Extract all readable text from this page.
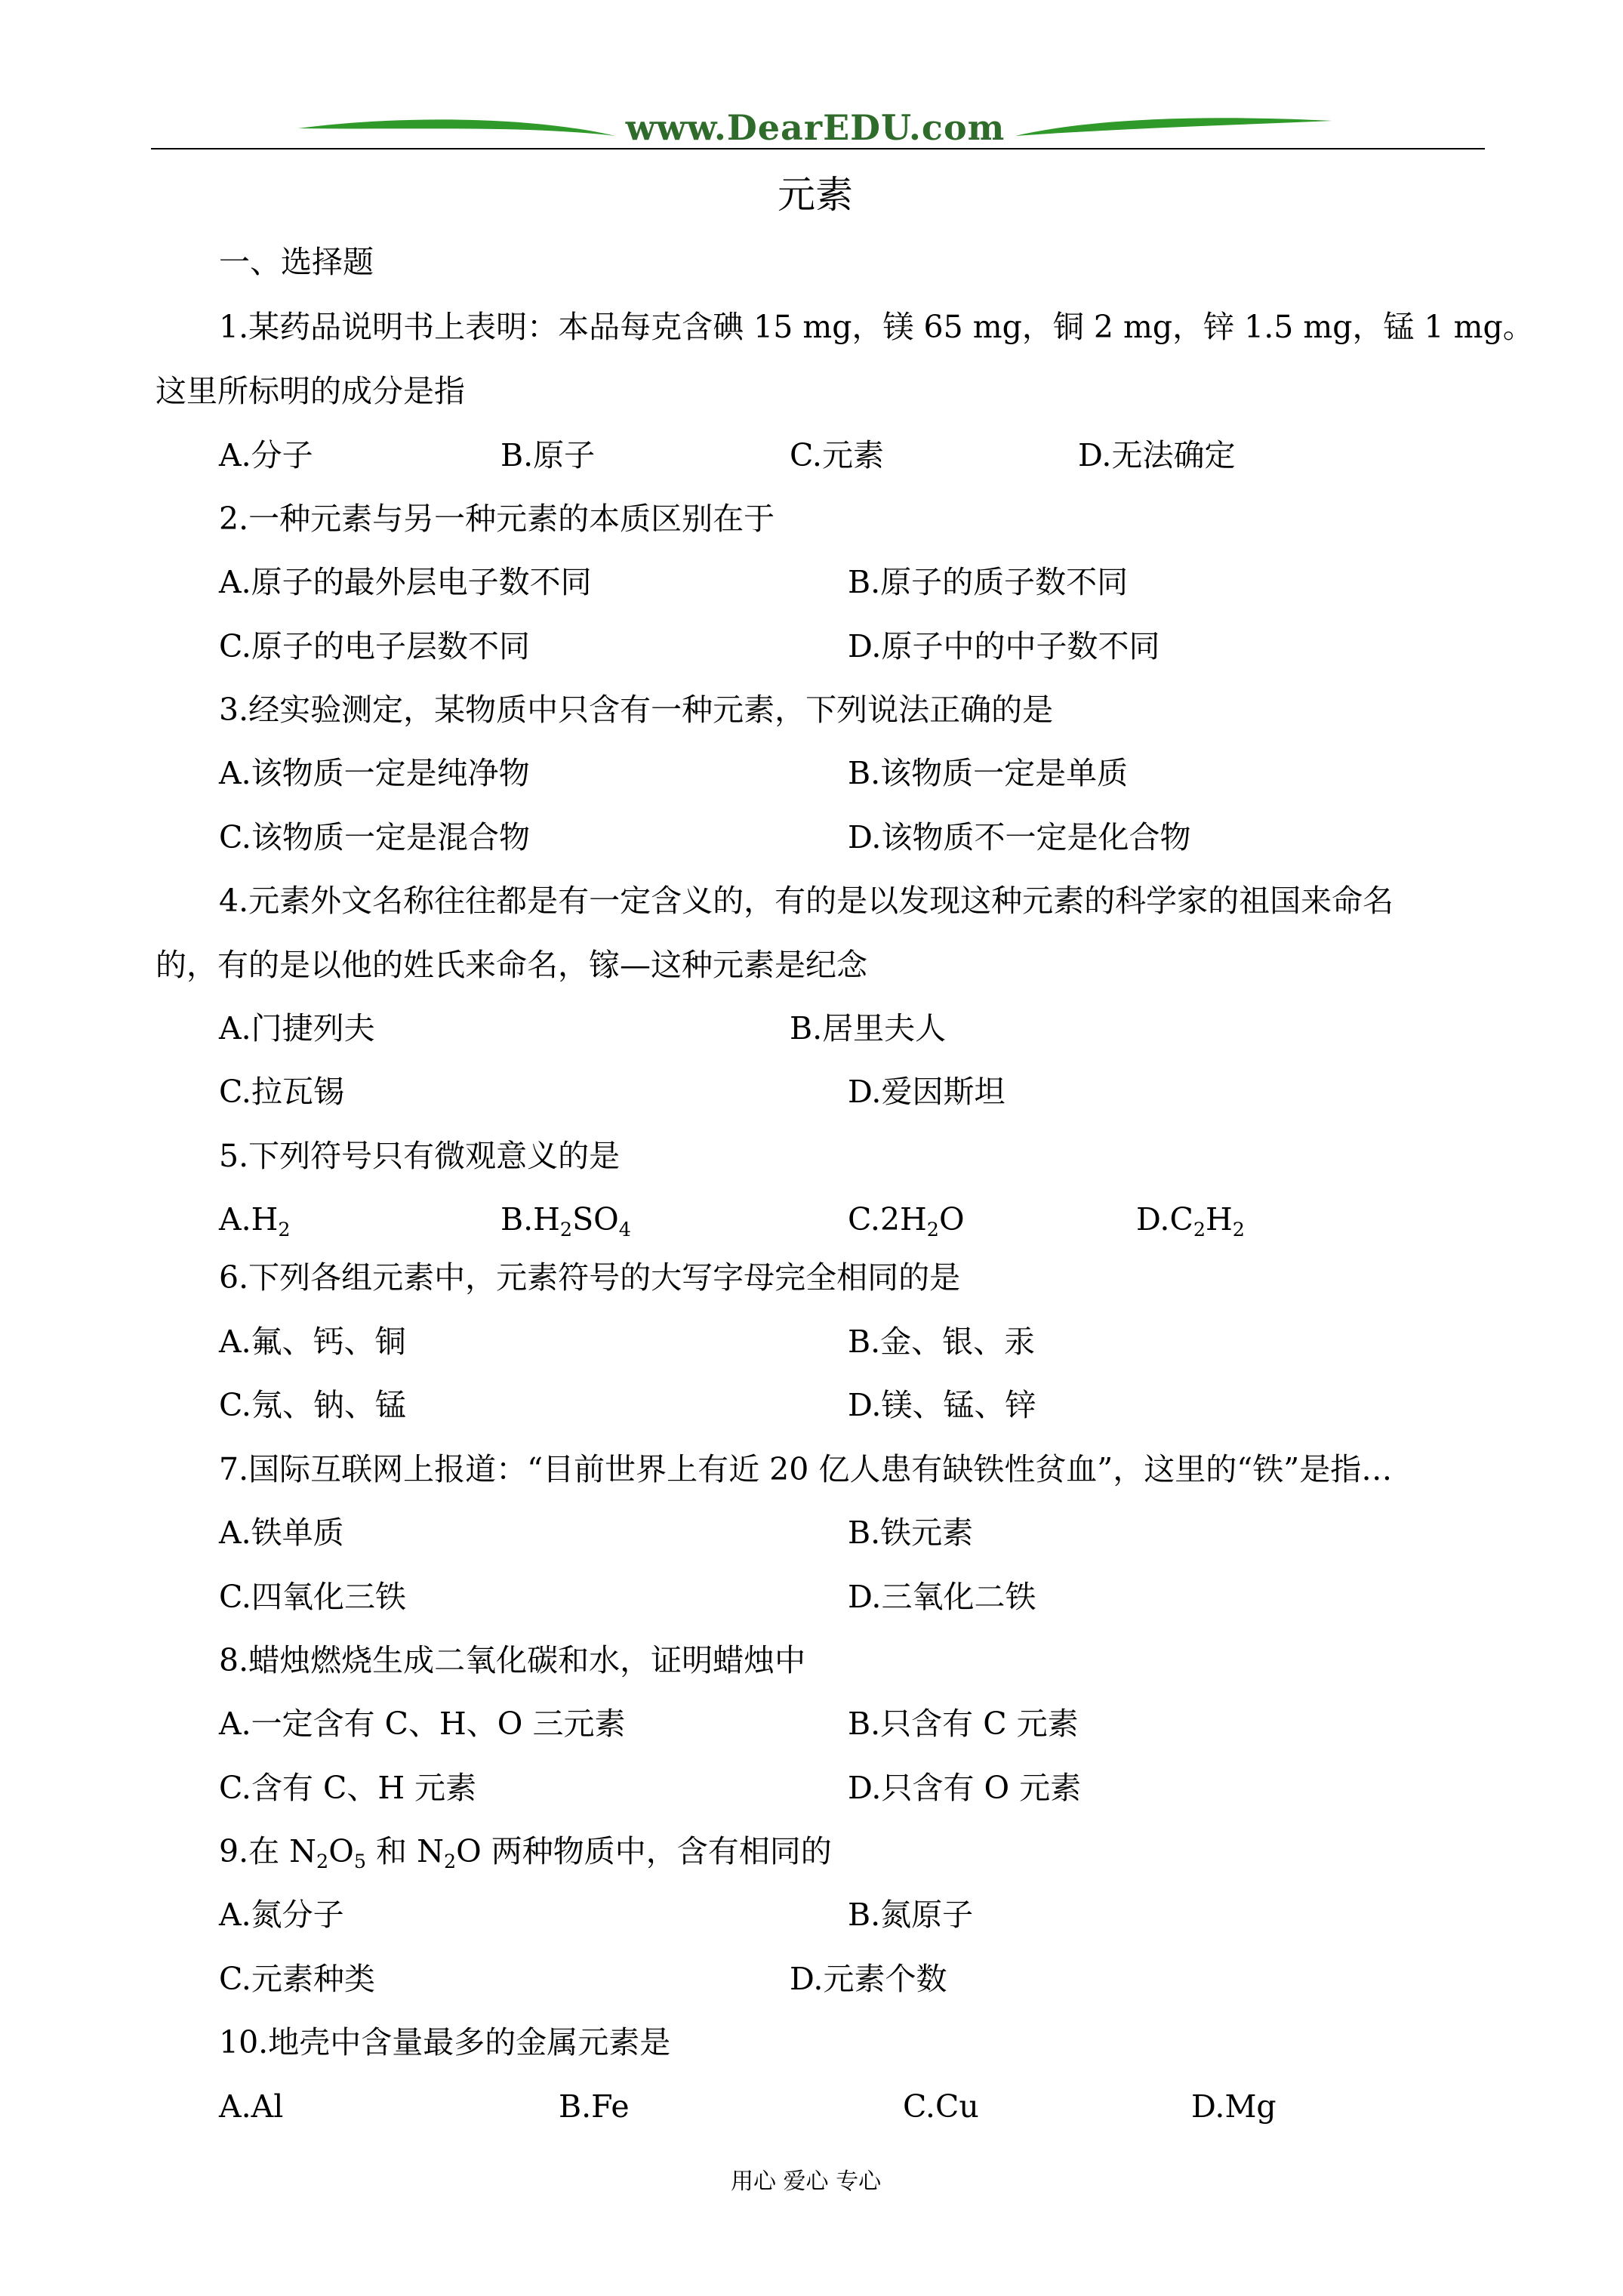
www.DearEDU.com
元素
一、选择题
1.某药品说明书上表明：本品每克含碘 15 mg，镁 65 mg，铜 2 mg，锌 1.5 mg，锰 1 mg。
这里所标明的成分是指
A.分子	B.原子	C.元素	D.无法确定
2.一种元素与另一种元素的本质区别在于
A.原子的最外层电子数不同	B.原子的质子数不同
C.原子的电子层数不同	D.原子中的中子数不同
3.经实验测定，某物质中只含有一种元素，下列说法正确的是
A.该物质一定是纯净物	B.该物质一定是单质
C.该物质一定是混合物	D.该物质不一定是化合物
4.元素外文名称往往都是有一定含义的，有的是以发现这种元素的科学家的祖国来命名
的，有的是以他的姓氏来命名，镓—这种元素是纪念
A.门捷列夫	B.居里夫人
C.拉瓦锡	D.爱因斯坦
5.下列符号只有微观意义的是
$A.H_2$	$B.H_2SO_4$	$C.2H_2O$	$D.C_2H_2$
6.下列各组元素中，元素符号的大写字母完全相同的是
A.氟、钙、铜	B.金、银、汞
C.氖、钠、锰	D.镁、锰、锌
7.国际互联网上报道：“目前世界上有近 20 亿人患有缺铁性贫血”，这里的“铁”是指…
A.铁单质	B.铁元素
C.四氧化三铁	D.三氧化二铁
8.蜡烛燃烧生成二氧化碳和水，证明蜡烛中
A.一定含有 C、H、O 三元素	B.只含有 C 元素
C.含有 C、H 元素	D.只含有 O 元素
9.在 $N_2O_5$ 和 $N_2O$ 两种物质中，含有相同的
A.氮分子	B.氮原子
C.元素种类	D.元素个数
10.地壳中含量最多的金属元素是
A.Al	B.Fe	C.Cu	D.Mg
用心 爱心 专心
